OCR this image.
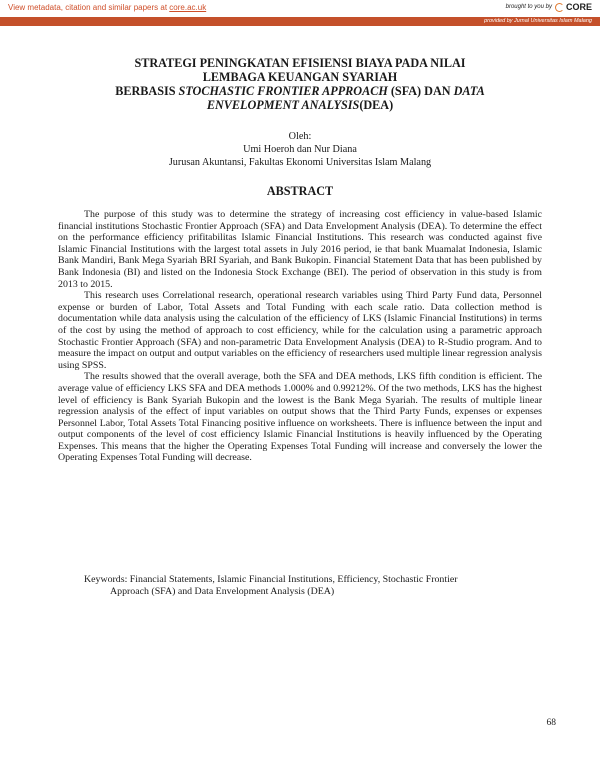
View metadata, citation and similar papers at core.ac.uk	brought to you by CORE
provided by Jurnal Universitas Islam Malang
STRATEGI PENINGKATAN EFISIENSI BIAYA PADA NILAI
LEMBAGA KEUANGAN SYARIAH
BERBASIS STOCHASTIC FRONTIER APPROACH (SFA) DAN DATA
ENVELOPMENT ANALYSIS(DEA)
Oleh:
Umi Hoeroh dan Nur Diana
Jurusan Akuntansi, Fakultas Ekonomi Universitas Islam Malang
ABSTRACT

The purpose of this study was to determine the strategy of increasing cost efficiency in value-based Islamic financial institutions Stochastic Frontier Approach (SFA) and Data Envelopment Analysis (DEA). To determine the effect on the performance efficiency prifitabilitas Islamic Financial Institutions. This research was conducted against five Islamic Financial Institutions with the largest total assets in July 2016 period, ie that bank Muamalat Indonesia, Islamic Bank Mandiri, Bank Mega Syariah BRI Syariah, and Bank Bukopin. Financial Statement Data that has been published by Bank Indonesia (BI) and listed on the Indonesia Stock Exchange (BEI). The period of observation in this study is from 2013 to 2015.

This research uses Correlational research, operational research variables using Third Party Fund data, Personnel expense or burden of Labor, Total Assets and Total Funding with each scale ratio. Data collection method is documentation while data analysis using the calculation of the efficiency of LKS (Islamic Financial Institutions) in terms of the cost by using the method of approach to cost efficiency, while for the calculation using a parametric approach Stochastic Frontier Approach (SFA) and non-parametric Data Envelopment Analysis (DEA) to R-Studio program. And to measure the impact on output and output variables on the efficiency of researchers used multiple linear regression analysis using SPSS.

The results showed that the overall average, both the SFA and DEA methods, LKS fifth condition is efficient. The average value of efficiency LKS SFA and DEA methods 1.000% and 0.99212%. Of the two methods, LKS has the highest level of efficiency is Bank Syariah Bukopin and the lowest is the Bank Mega Syariah. The results of multiple linear regression analysis of the effect of input variables on output shows that the Third Party Funds, expenses or expenses Personnel Labor, Total Assets Total Financing positive influence on worksheets. There is influence between the input and output components of the level of cost efficiency Islamic Financial Institutions is heavily influenced by the Operating Expenses. This means that the higher the Operating Expenses Total Funding will increase and conversely the lower the Operating Expenses Total Funding will decrease.

Keywords: Financial Statements, Islamic Financial Institutions, Efficiency, Stochastic Frontier
Approach (SFA) and Data Envelopment Analysis (DEA)
68
